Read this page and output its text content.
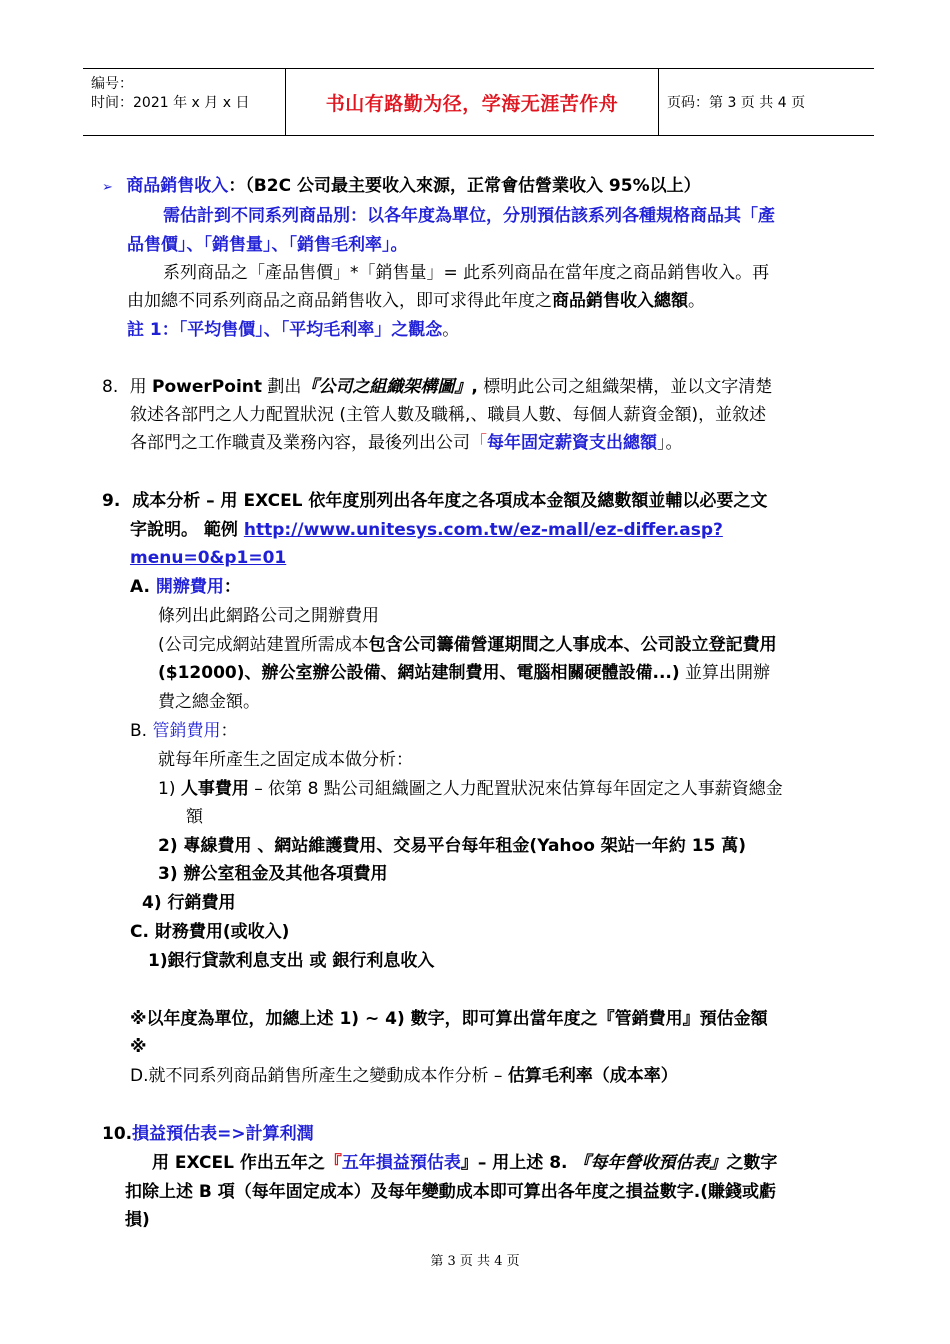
编号：
时间：2021 年 x 月 x 日	书山有路勤为径，学海无涯苦作舟	页码：第 3 页 共 4 页
➢ 商品銷售收入：（B2C 公司最主要收入來源，正常會估營業收入 95%以上）
需估計到不同系列商品別：以各年度為單位，分別預估該系列各種規格商品其「產
品售價」、「銷售量」、「銷售毛利率」。
系列商品之「產品售價」*「銷售量」= 此系列商品在當年度之商品銷售收入。再
由加總不同系列商品之商品銷售收入，即可求得此年度之商品銷售收入總額。
註 1：「平均售價」、「平均毛利率」之觀念。
8. 用 PowerPoint 劃出『公司之組織架構圖』, 標明此公司之組織架構，並以文字清楚
敘述各部門之人力配置狀況 (主管人數及職稱,、職員人數、每個人薪資金額)，並敘述
各部門之工作職責及業務內容，最後列出公司「每年固定薪資支出總額」。
9. 成本分析 – 用 EXCEL 依年度別列出各年度之各項成本金額及總數額並輔以必要之文
字說明。 範例 http://www.unitesys.com.tw/ez-mall/ez-differ.asp?
menu=0&p1=01
A. 開辦費用：
條列出此網路公司之開辦費用
(公司完成網站建置所需成本包含公司籌備營運期間之人事成本、公司設立登記費用
($12000)、辦公室辦公設備、網站建制費用、電腦相關硬體設備...) 並算出開辦
費之總金額。
B. 管銷費用：
就每年所產生之固定成本做分析：
1) 人事費用 – 依第 8 點公司組織圖之人力配置狀況來估算每年固定之人事薪資總金
額
2) 專線費用 、網站維護費用、交易平台每年租金(Yahoo 架站一年約 15 萬)
3) 辦公室租金及其他各項費用
4) 行銷費用
C. 財務費用(或收入)
1)銀行貸款利息支出 或 銀行利息收入
※以年度為單位，加總上述 1) ~ 4) 數字，即可算出當年度之『管銷費用』預估金額
※
D.就不同系列商品銷售所產生之變動成本作分析 – 估算毛利率（成本率）
10.損益預估表=>計算利潤
用 EXCEL 作出五年之『五年損益預估表』– 用上述 8. 『每年營收預估表』之數字
扣除上述 B 項（每年固定成本）及每年變動成本即可算出各年度之損益數字.(賺錢或虧
損)
第 3 页 共 4 页
